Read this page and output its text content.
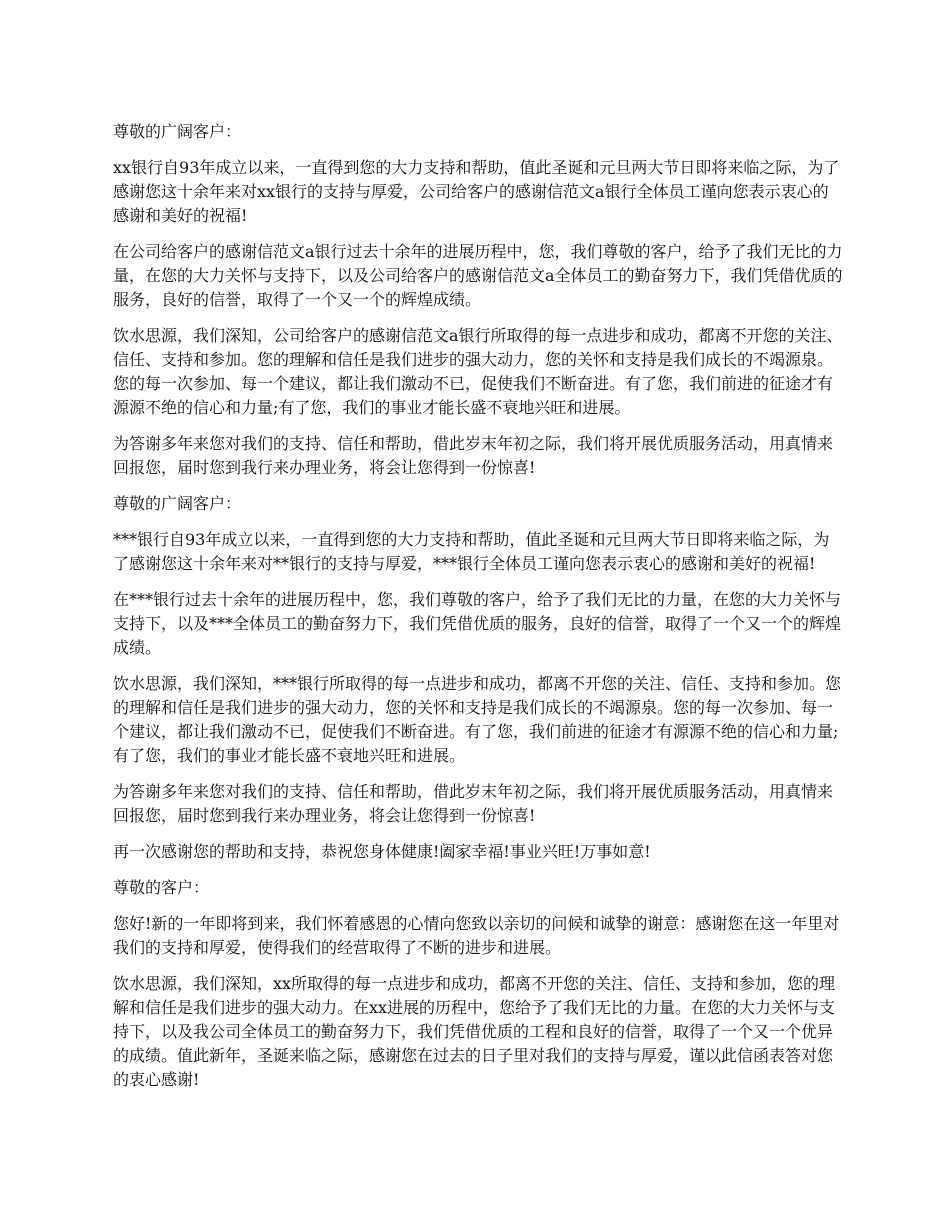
尊敬的广阔客户：

xx银行自93年成立以来，一直得到您的大力支持和帮助，值此圣诞和元旦两大节日即将来临之际，为了感谢您这十余年来对xx银行的支持与厚爱，公司给客户的感谢信范文a银行全体员工谨向您表示衷心的感谢和美好的祝福!

在公司给客户的感谢信范文a银行过去十余年的进展历程中，您，我们尊敬的客户，给予了我们无比的力量，在您的大力关怀与支持下，以及公司给客户的感谢信范文a全体员工的勤奋努力下，我们凭借优质的服务，良好的信誉，取得了一个又一个的辉煌成绩。

饮水思源，我们深知，公司给客户的感谢信范文a银行所取得的每一点进步和成功，都离不开您的关注、信任、支持和参加。您的理解和信任是我们进步的强大动力，您的关怀和支持是我们成长的不竭源泉。您的每一次参加、每一个建议，都让我们激动不已，促使我们不断奋进。有了您，我们前进的征途才有源源不绝的信心和力量;有了您，我们的事业才能长盛不衰地兴旺和进展。

为答谢多年来您对我们的支持、信任和帮助，借此岁末年初之际，我们将开展优质服务活动，用真情来回报您，届时您到我行来办理业务，将会让您得到一份惊喜!

尊敬的广阔客户：

***银行自93年成立以来，一直得到您的大力支持和帮助，值此圣诞和元旦两大节日即将来临之际，为了感谢您这十余年来对**银行的支持与厚爱，***银行全体员工谨向您表示衷心的感谢和美好的祝福!

在***银行过去十余年的进展历程中，您，我们尊敬的客户，给予了我们无比的力量，在您的大力关怀与支持下，以及***全体员工的勤奋努力下，我们凭借优质的服务，良好的信誉，取得了一个又一个的辉煌成绩。

饮水思源，我们深知，***银行所取得的每一点进步和成功，都离不开您的关注、信任、支持和参加。您的理解和信任是我们进步的强大动力，您的关怀和支持是我们成长的不竭源泉。您的每一次参加、每一个建议，都让我们激动不已，促使我们不断奋进。有了您，我们前进的征途才有源源不绝的信心和力量;有了您，我们的事业才能长盛不衰地兴旺和进展。

为答谢多年来您对我们的支持、信任和帮助，借此岁末年初之际，我们将开展优质服务活动，用真情来回报您，届时您到我行来办理业务，将会让您得到一份惊喜!

再一次感谢您的帮助和支持，恭祝您身体健康!阖家幸福!事业兴旺!万事如意!

尊敬的客户：

您好!新的一年即将到来，我们怀着感恩的心情向您致以亲切的问候和诚挚的谢意：感谢您在这一年里对我们的支持和厚爱，使得我们的经营取得了不断的进步和进展。

饮水思源，我们深知，xx所取得的每一点进步和成功，都离不开您的关注、信任、支持和参加，您的理解和信任是我们进步的强大动力。在xx进展的历程中，您给予了我们无比的力量。在您的大力关怀与支持下，以及我公司全体员工的勤奋努力下，我们凭借优质的工程和良好的信誉，取得了一个又一个优异的成绩。值此新年，圣诞来临之际，感谢您在过去的日子里对我们的支持与厚爱，谨以此信函表答对您的衷心感谢!
